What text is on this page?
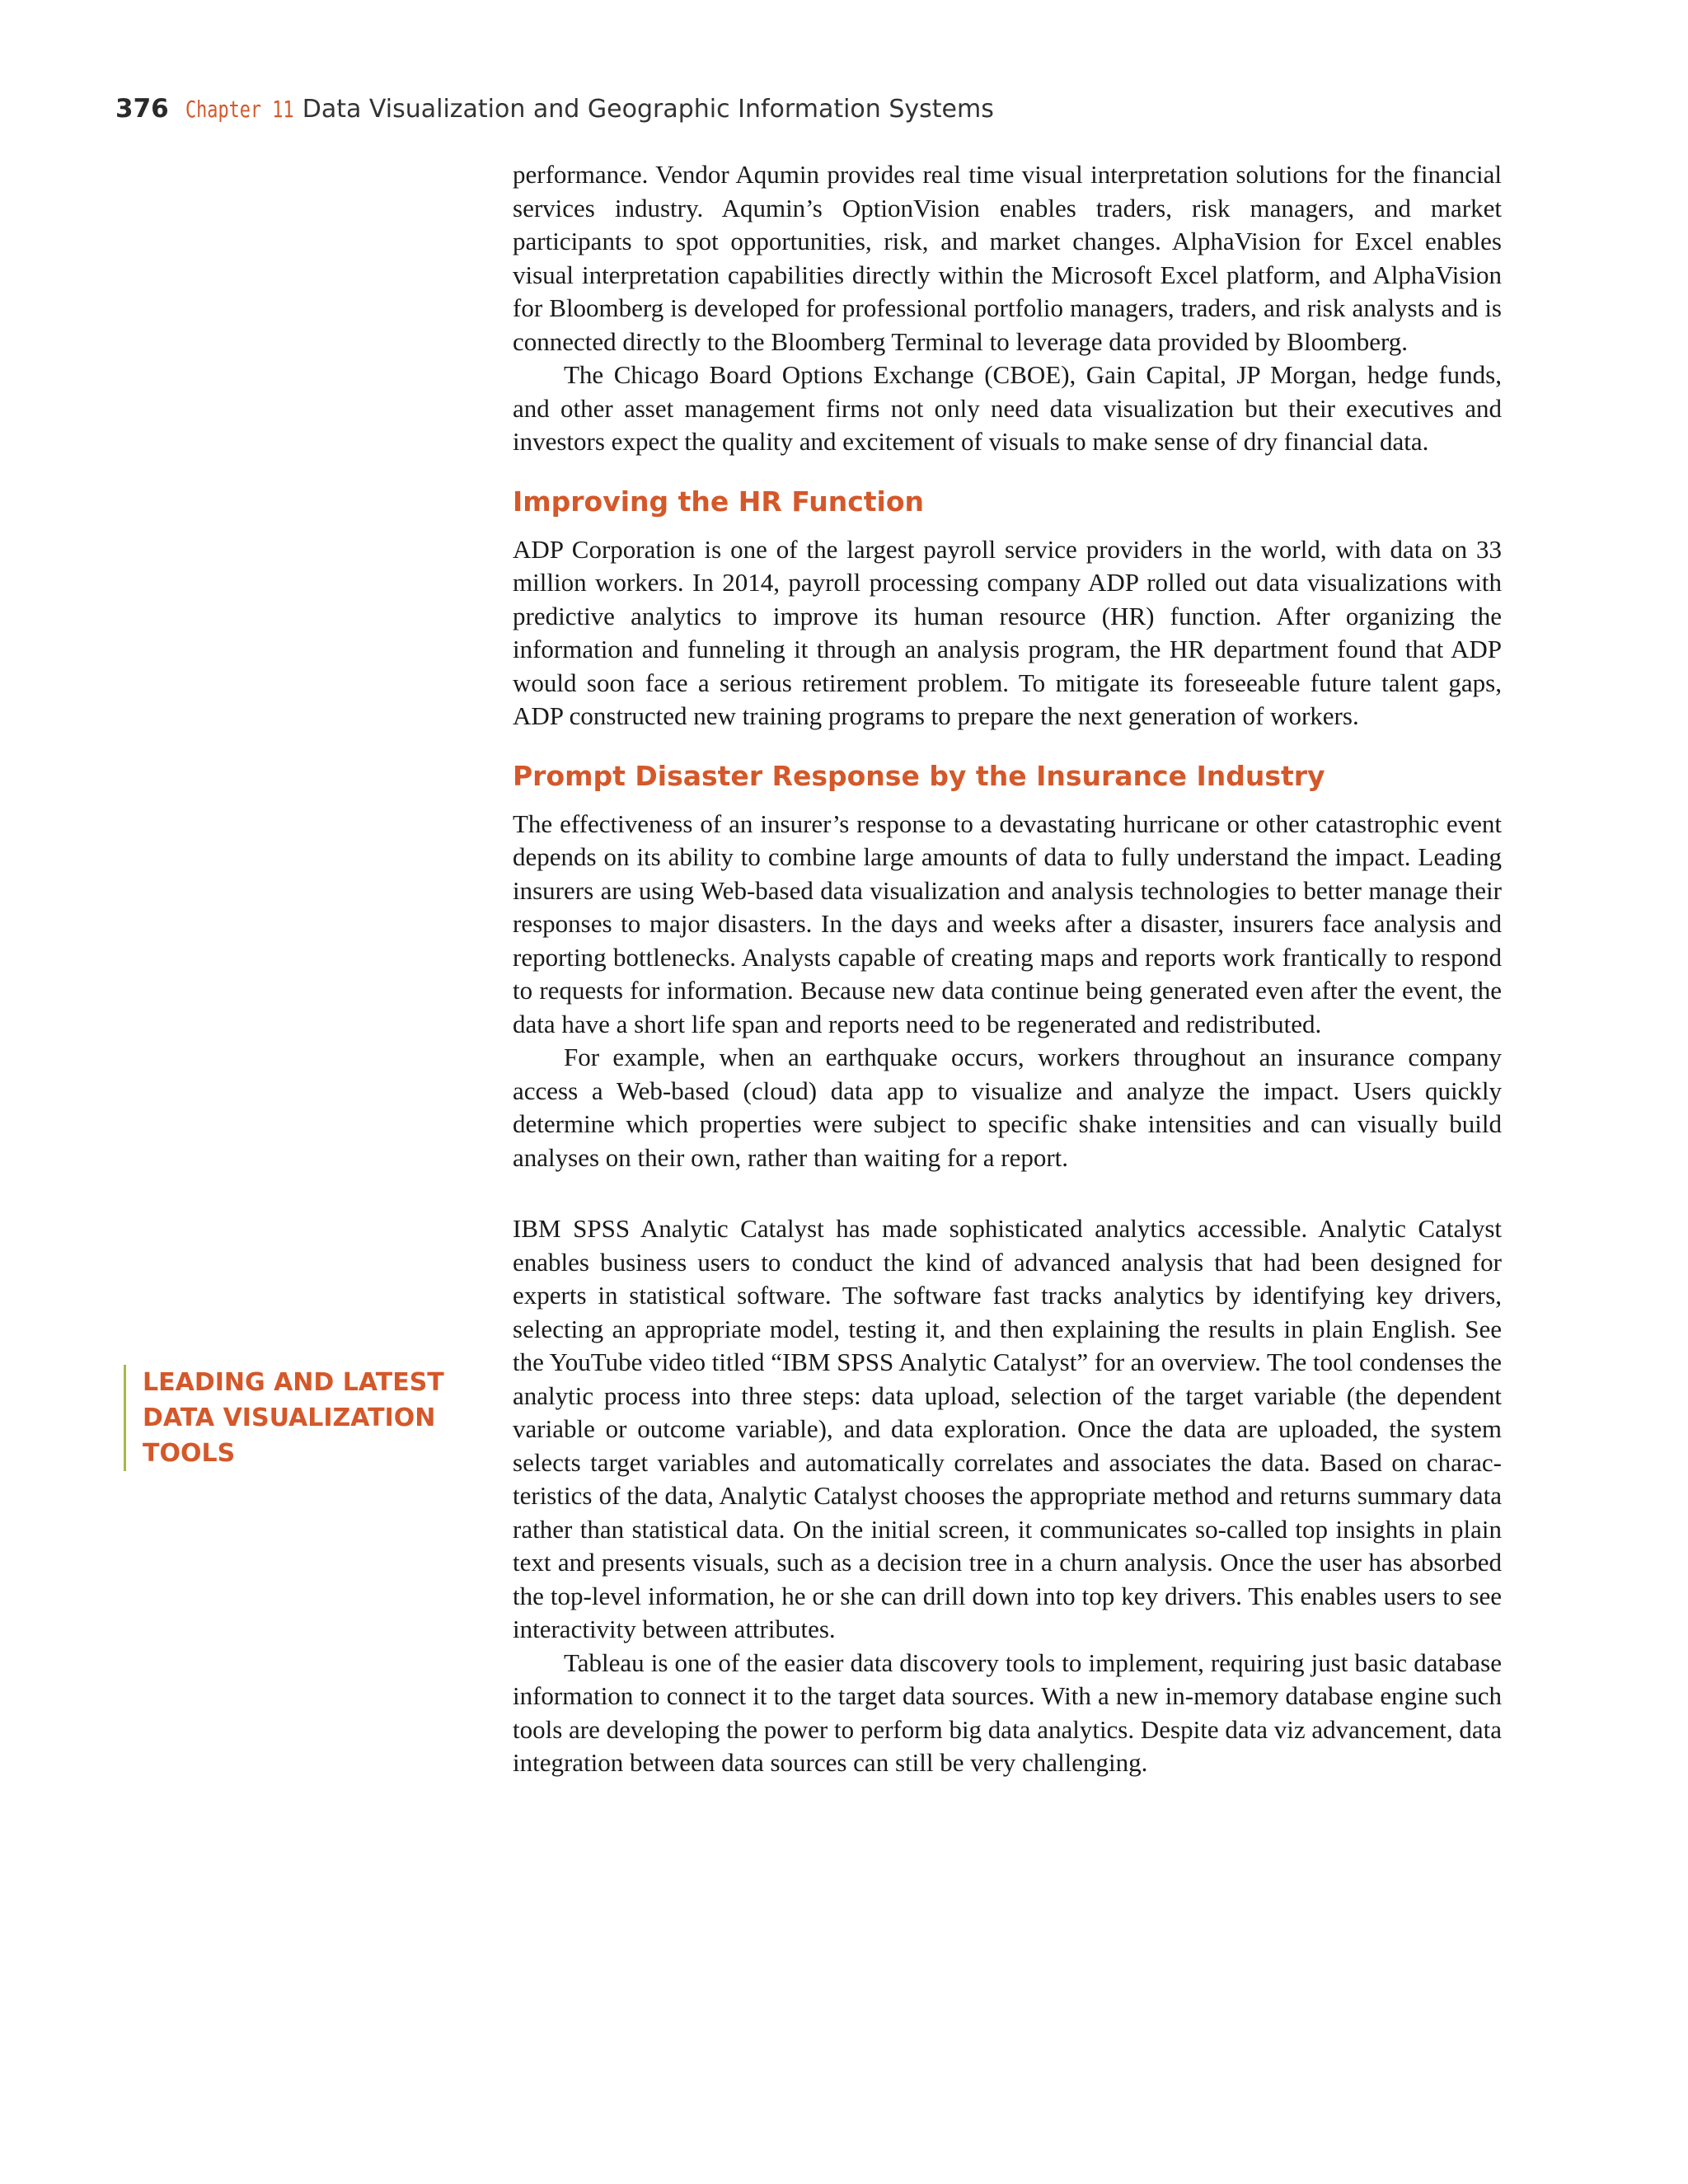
376 Chapter 11 Data Visualization and Geographic Information Systems

performance. Vendor Aqumin provides real time visual interpretation solutions for the financial services industry. Aqumin’s OptionVision enables traders, risk managers, and market participants to spot opportunities, risk, and market changes. AlphaVision for Excel enables visual interpretation capabilities directly within the Microsoft Excel platform, and AlphaVision for Bloomberg is developed for professional portfolio managers, traders, and risk analysts and is connected directly to the Bloomberg Terminal to leverage data provided by Bloomberg.

The Chicago Board Options Exchange (CBOE), Gain Capital, JP Morgan, hedge funds, and other asset management firms not only need data visualization but their executives and investors expect the quality and excitement of visuals to make sense of dry financial data.

Improving the HR Function

ADP Corporation is one of the largest payroll service providers in the world, with data on 33 million workers. In 2014, payroll processing company ADP rolled out data visualizations with predictive analytics to improve its human resource (HR) function. After organizing the information and funneling it through an analysis program, the HR department found that ADP would soon face a serious retirement problem. To mitigate its foreseeable future talent gaps, ADP constructed new training programs to prepare the next generation of workers.

Prompt Disaster Response by the Insurance Industry

The effectiveness of an insurer’s response to a devastating hurricane or other catastrophic event depends on its ability to combine large amounts of data to fully understand the impact. Leading insurers are using Web-based data visualization and analysis technologies to better manage their responses to major disasters. In the days and weeks after a disaster, insurers face analysis and reporting bottlenecks. Analysts capable of creating maps and reports work frantically to respond to requests for information. Because new data continue being generated even after the event, the data have a short life span and reports need to be regenerated and redistributed.

For example, when an earthquake occurs, workers throughout an insurance company access a Web-based (cloud) data app to visualize and analyze the impact. Users quickly determine which properties were subject to specific shake intensities and can visually build analyses on their own, rather than waiting for a report.

IBM SPSS Analytic Catalyst has made sophisticated analytics accessible. Analytic Catalyst enables business users to conduct the kind of advanced analysis that had been designed for experts in statistical software. The software fast tracks analytics by identifying key drivers, selecting an appropriate model, testing it, and then explaining the results in plain English. See the YouTube video titled “IBM SPSS Analytic Catalyst” for an overview. The tool condenses the analytic process into three steps: data upload, selection of the target variable (the dependent variable or outcome variable), and data exploration. Once the data are uploaded, the system selects target variables and automatically correlates and associates the data. Based on characteristics of the data, Analytic Catalyst chooses the appropriate method and returns summary data rather than statistical data. On the initial screen, it communicates so-called top insights in plain text and presents visuals, such as a decision tree in a churn analysis. Once the user has absorbed the top-level information, he or she can drill down into top key drivers. This enables users to see interactivity between attributes.

Tableau is one of the easier data discovery tools to implement, requiring just basic database information to connect it to the target data sources. With a new in-memory database engine such tools are developing the power to perform big data analytics. Despite data viz advancement, data integration between data sources can still be very challenging.

LEADING AND LATEST
DATA VISUALIZATION
TOOLS
